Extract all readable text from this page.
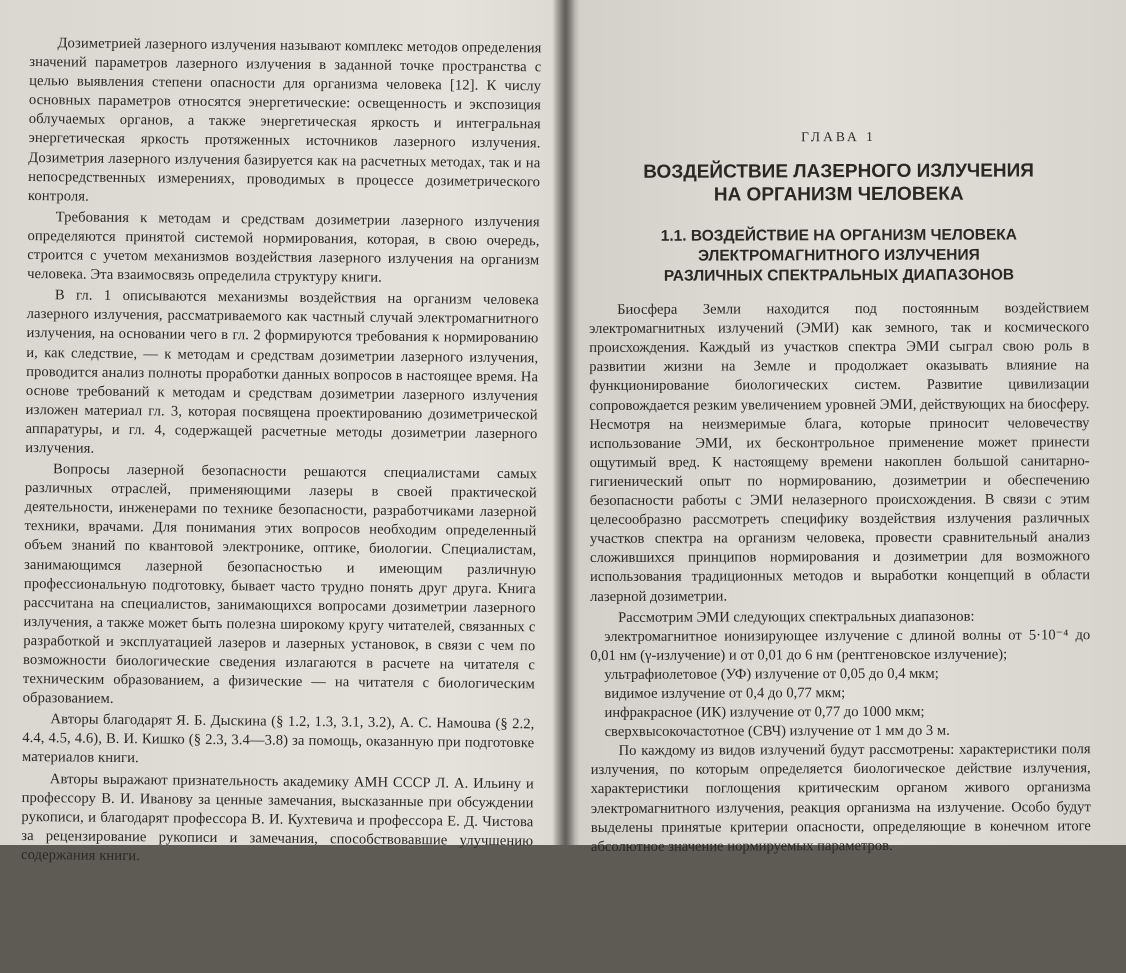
Дозиметрией лазерного излучения называют комплекс методов определения значений параметров лазерного излучения в заданной точке пространства с целью выявления степени опасности для организма человека [12]. К числу основных параметров относятся энергетические: освещенность и экспозиция облучаемых органов, а также энергетическая яркость и интегральная энергетическая яркость протяженных источников лазерного излучения. Дозиметрия лазерного излучения базируется как на расчетных методах, так и на непосредственных измерениях, проводимых в процессе дозиметрического контроля.

Требования к методам и средствам дозиметрии лазерного излучения определяются принятой системой нормирования, которая, в свою очередь, строится с учетом механизмов воздействия лазерного излучения на организм человека. Эта взаимосвязь определила структуру книги.

В гл. 1 описываются механизмы воздействия на организм человека лазерного излучения, рассматриваемого как частный случай электромагнитного излучения, на основании чего в гл. 2 формируются требования к нормированию и, как следствие, — к методам и средствам дозиметрии лазерного излучения, проводится анализ полноты проработки данных вопросов в настоящее время. На основе требований к методам и средствам дозиметрии лазерного излучения изложен материал гл. 3, которая посвящена проектированию дозиметрической аппаратуры, и гл. 4, содержащей расчетные методы дозиметрии лазерного излучения.

Вопросы лазерной безопасности решаются специалистами самых различных отраслей, применяющими лазеры в своей практической деятельности, инженерами по технике безопасности, разработчиками лазерной техники, врачами. Для понимания этих вопросов необходим определенный объем знаний по квантовой электронике, оптике, биологии. Специалистам, занимающимся лазерной безопасностью и имеющим различную профессиональную подготовку, бывает часто трудно понять друг друга. Книга рассчитана на специалистов, занимающихся вопросами дозиметрии лазерного излучения, а также может быть полезна широкому кругу читателей, связанных с разработкой и эксплуатацией лазеров и лазерных установок, в связи с чем по возможности биологические сведения излагаются в расчете на читателя с техническим образованием, а физические — на читателя с биологическим образованием.

Авторы благодарят Я. Б. Дыскина (§ 1.2, 1.3, 3.1, 3.2), А. С. Намоuва (§ 2.2, 4.4, 4.5, 4.6), В. И. Кишко (§ 2.3, 3.4—3.8) за помощь, оказанную при подготовке материалов книги.

Авторы выражают признательность академику АМН СССР Л. А. Ильину и профессору В. И. Иванову за ценные замечания, высказанные при обсуждении рукописи, и благодарят профессора В. И. Кухтевича и профессора Е. Д. Чистова за рецензирование рукописи и замечания, способствовавшие улучшению содержания книги.

ГЛАВА 1
ВОЗДЕЙСТВИЕ ЛАЗЕРНОГО ИЗЛУЧЕНИЯ
НА ОРГАНИЗМ ЧЕЛОВЕКА
1.1. ВОЗДЕЙСТВИЕ НА ОРГАНИЗМ ЧЕЛОВЕКА
ЭЛЕКТРОМАГНИТНОГО ИЗЛУЧЕНИЯ
РАЗЛИЧНЫХ СПЕКТРАЛЬНЫХ ДИАПАЗОНОВ

Биосфера Земли находится под постоянным воздействием электромагнитных излучений (ЭМИ) как земного, так и космического происхождения. Каждый из участков спектра ЭМИ сыграл свою роль в развитии жизни на Земле и продолжает оказывать влияние на функционирование биологических систем. Развитие цивилизации сопровождается резким увеличением уровней ЭМИ, действующих на биосферу. Несмотря на неизмеримые блага, которые приносит человечеству использование ЭМИ, их бесконтрольное применение может принести ощутимый вред. К настоящему времени накоплен большой санитарно-гигиенический опыт по нормированию, дозиметрии и обеспечению безопасности работы с ЭМИ нелазерного происхождения. В связи с этим целесообразно рассмотреть специфику воздействия излучения различных участков спектра на организм человека, провести сравнительный анализ сложившихся принципов нормирования и дозиметрии для возможного использования традиционных методов и выработки концепций в области лазерной дозиметрии.

Рассмотрим ЭМИ следующих спектральных диапазонов:

электромагнитное ионизирующее излучение с длиной волны от 5·10⁻⁴ до 0,01 нм (γ-излучение) и от 0,01 до 6 нм (рентгеновское излучение);

ультрафиолетовое (УФ) излучение от 0,05 до 0,4 мкм;

видимое излучение от 0,4 до 0,77 мкм;

инфракрасное (ИК) излучение от 0,77 до 1000 мкм;

сверхвысокочастотное (СВЧ) излучение от 1 мм до 3 м.

По каждому из видов излучений будут рассмотрены: характеристики поля излучения, по которым определяется биологическое действие излучения, характеристики поглощения критическим органом живого организма электромагнитного излучения, реакция организма на излучение. Особо будут выделены принятые критерии опасности, определяющие в конечном итоге абсолютное значение нормируемых параметров.
